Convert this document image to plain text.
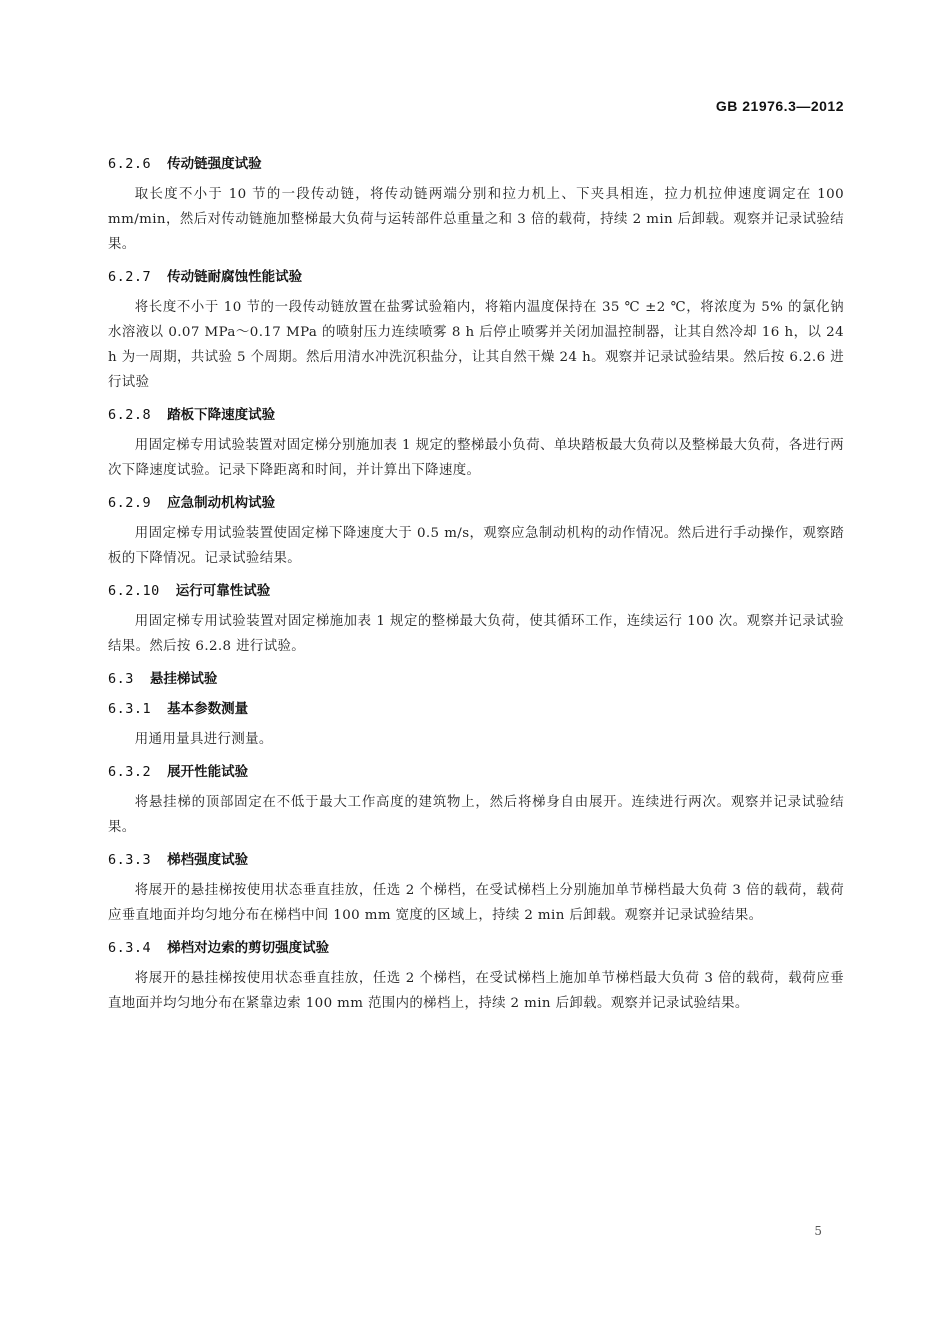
GB 21976.3—2012
6.2.6 传动链强度试验

取长度不小于 10 节的一段传动链，将传动链两端分别和拉力机上、下夹具相连，拉力机拉伸速度调定在 100 mm/min，然后对传动链施加整梯最大负荷与运转部件总重量之和 3 倍的载荷，持续 2 min 后卸载。观察并记录试验结果。

6.2.7 传动链耐腐蚀性能试验

将长度不小于 10 节的一段传动链放置在盐雾试验箱内，将箱内温度保持在 35 ℃ ±2 ℃，将浓度为 5% 的氯化钠水溶液以 0.07 MPa～0.17 MPa 的喷射压力连续喷雾 8 h 后停止喷雾并关闭加温控制器，让其自然冷却 16 h，以 24 h 为一周期，共试验 5 个周期。然后用清水冲洗沉积盐分，让其自然干燥 24 h。观察并记录试验结果。然后按 6.2.6 进行试验

6.2.8 踏板下降速度试验

用固定梯专用试验装置对固定梯分别施加表 1 规定的整梯最小负荷、单块踏板最大负荷以及整梯最大负荷，各进行两次下降速度试验。记录下降距离和时间，并计算出下降速度。

6.2.9 应急制动机构试验

用固定梯专用试验装置使固定梯下降速度大于 0.5 m/s，观察应急制动机构的动作情况。然后进行手动操作，观察踏板的下降情况。记录试验结果。

6.2.10 运行可靠性试验

用固定梯专用试验装置对固定梯施加表 1 规定的整梯最大负荷，使其循环工作，连续运行 100 次。观察并记录试验结果。然后按 6.2.8 进行试验。

6.3 悬挂梯试验
6.3.1 基本参数测量

用通用量具进行测量。

6.3.2 展开性能试验

将悬挂梯的顶部固定在不低于最大工作高度的建筑物上，然后将梯身自由展开。连续进行两次。观察并记录试验结果。

6.3.3 梯档强度试验

将展开的悬挂梯按使用状态垂直挂放，任选 2 个梯档，在受试梯档上分别施加单节梯档最大负荷 3 倍的载荷，载荷应垂直地面并均匀地分布在梯档中间 100 mm 宽度的区域上，持续 2 min 后卸载。观察并记录试验结果。

6.3.4 梯档对边索的剪切强度试验

将展开的悬挂梯按使用状态垂直挂放，任选 2 个梯档，在受试梯档上施加单节梯档最大负荷 3 倍的载荷，载荷应垂直地面并均匀地分布在紧靠边索 100 mm 范围内的梯档上，持续 2 min 后卸载。观察并记录试验结果。

5
